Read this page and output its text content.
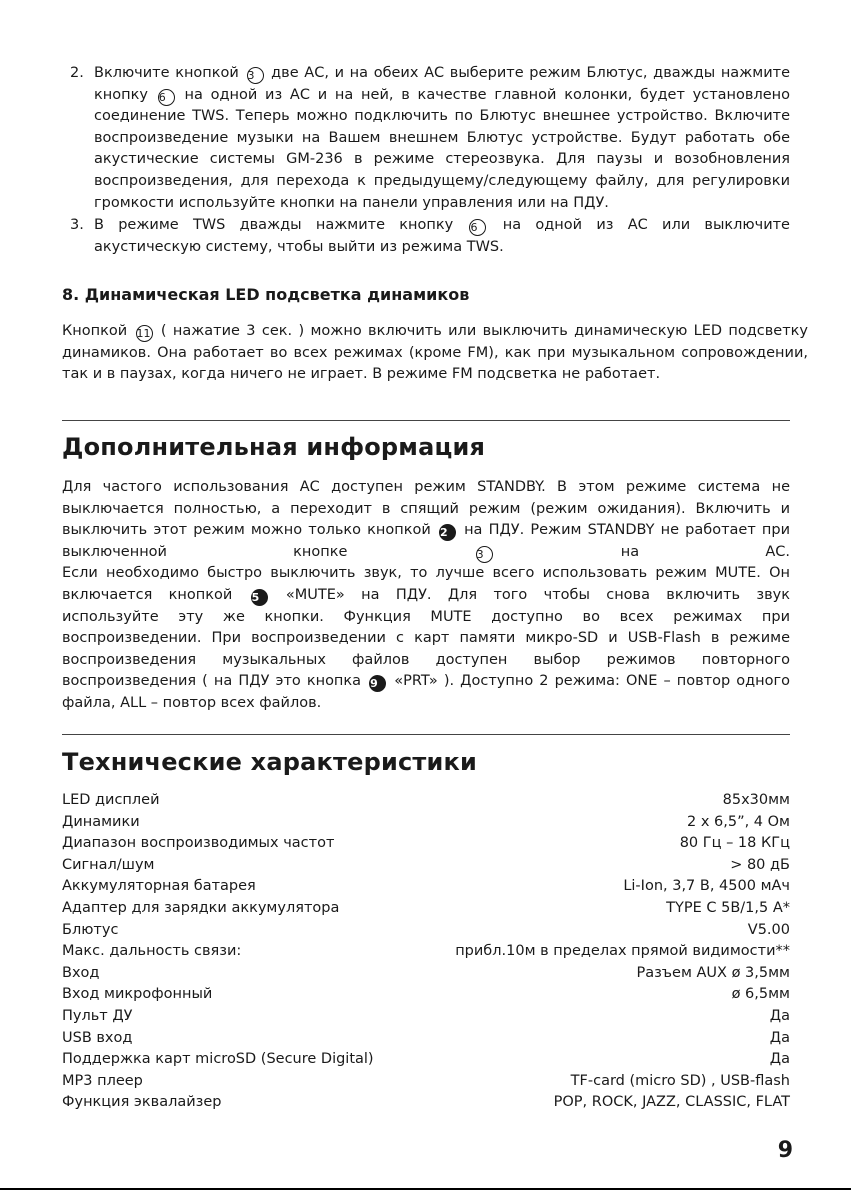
2. Включите кнопкой 3 две АС, и на обеих АС выберите режим Блютус, дважды нажмите
кнопку 6 на одной из АС и на ней, в качестве главной колонки, будет установлено
соединение TWS. Теперь можно подключить по Блютус внешнее устройство. Включите
воспроизведение музыки на Вашем внешнем Блютус устройстве. Будут работать обе
акустические системы GM-236 в режиме стереозвука. Для паузы и возобновления
воспроизведения, для перехода к предыдущему/следующему файлу, для регулировки
громкости используйте кнопки на панели управления или на ПДУ.
3. В режиме TWS дважды нажмите кнопку 6 на одной из АС или выключите
акустическую систему, чтобы выйти из режима TWS.

8. Динамическая LED подсветка динамиков

Кнопкой 11 ( нажатие 3 сек. ) можно включить или выключить динамическую LED подсветку
динамиков. Она работает во всех режимах (кроме FM), как при музыкальном сопровождении,
так и в паузах, когда ничего не играет. В режиме FM подсветка не работает.
Дополнительная информация
Для частого использования АС доступен режим STANDBY. В этом режиме система не
выключается полностью, а переходит в спящий режим (режим ожидания). Включить и
выключить этот режим можно только кнопкой 2 на ПДУ. Режим STANDBY не работает при
выключенной кнопке 3 на АС.
Если необходимо быстро выключить звук, то лучше всего использовать режим MUTE. Он
включается кнопкой 5 «MUTE» на ПДУ. Для того чтобы снова включить звук
используйте эту же кнопки. Функция MUTE доступно во всех режимах при
воспроизведении. При воспроизведении с карт памяти микро-SD и USB-Flash в режиме
воспроизведения музыкальных файлов доступен выбор режимов повторного
воспроизведения ( на ПДУ это кнопка 9 «PRT» ). Доступно 2 режима: ONE – повтор одного
файла, ALL – повтор всех файлов.
Технические характеристики
LED дисплей	85х30мм
Динамики	2 х 6,5”, 4 Ом
Диапазон воспроизводимых частот	80 Гц – 18 КГц
Сигнал/шум	> 80 дБ
Аккумуляторная батарея	Li-Ion, 3,7 В, 4500 мАч
Адаптер для зарядки аккумулятора	TYPE C 5В/1,5 А*
Блютус	V5.00
Макс. дальность связи:	прибл.10м в пределах прямой видимости**
Вход	Разъем AUX ø 3,5мм
Вход микрофонный	ø 6,5мм
Пульт ДУ	Да
USB вход	Да
Поддержка карт microSD (Secure Digital)	Да
MP3 плеер	TF-card (micro SD) , USB-flash
Функция эквалайзер	POP, ROCK, JAZZ, CLASSIC, FLAT

9
